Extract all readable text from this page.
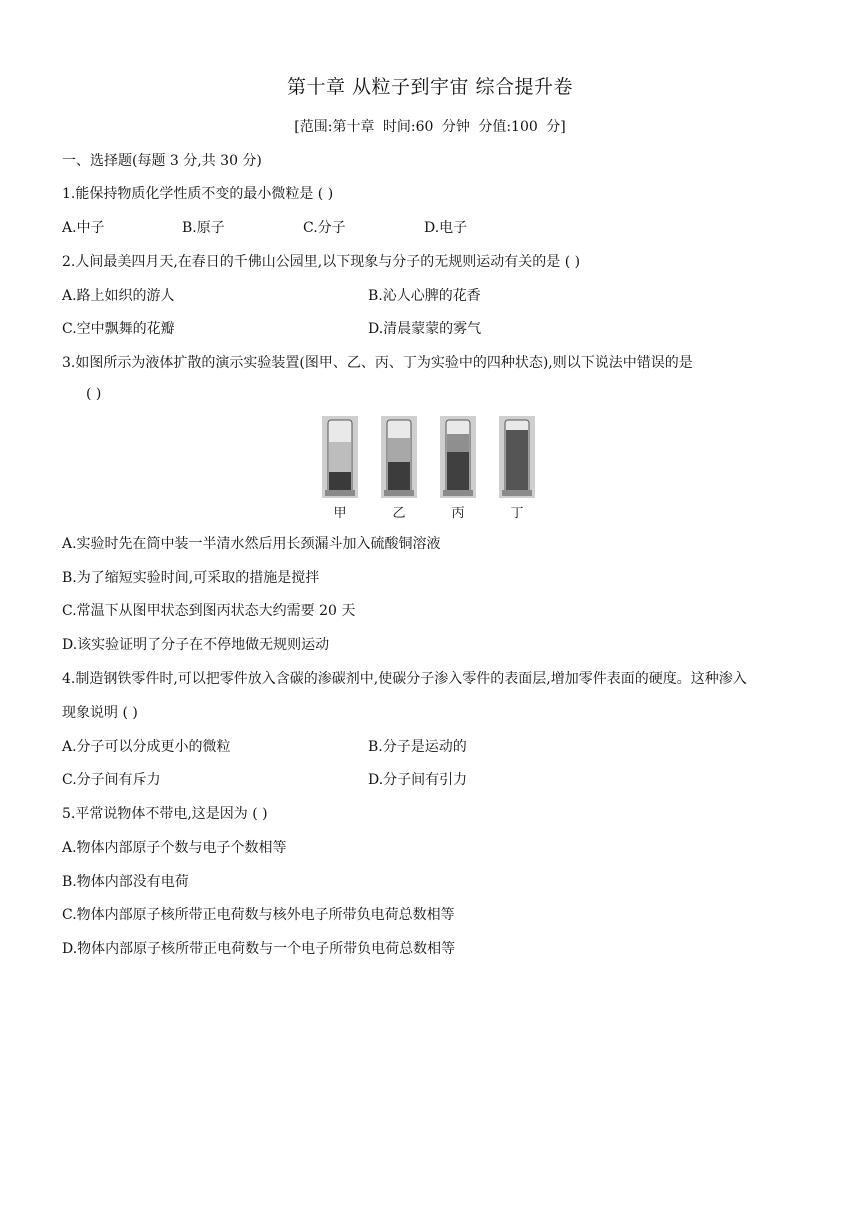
第十章 从粒子到宇宙 综合提升卷
[范围:第十章 时间:60 分钟 分值:100 分]
一、选择题(每题 3 分,共 30 分)
1.能保持物质化学性质不变的最小微粒是 ( )
A.中子	B.原子	C.分子	D.电子
2.人间最美四月天,在春日的千佛山公园里,以下现象与分子的无规则运动有关的是 ( )
A.路上如织的游人	B.沁人心脾的花香
C.空中飘舞的花瓣	D.清晨蒙蒙的雾气
3.如图所示为液体扩散的演示实验装置(图甲、乙、丙、丁为实验中的四种状态),则以下说法中错误的是
( )
甲	乙	丙	丁
A.实验时先在筒中装一半清水然后用长颈漏斗加入硫酸铜溶液
B.为了缩短实验时间,可采取的措施是搅拌
C.常温下从图甲状态到图丙状态大约需要 20 天
D.该实验证明了分子在不停地做无规则运动
4.制造钢铁零件时,可以把零件放入含碳的渗碳剂中,使碳分子渗入零件的表面层,增加零件表面的硬度。这种渗入
现象说明 ( )
A.分子可以分成更小的微粒	B.分子是运动的
C.分子间有斥力	D.分子间有引力
5.平常说物体不带电,这是因为 ( )
A.物体内部原子个数与电子个数相等
B.物体内部没有电荷
C.物体内部原子核所带正电荷数与核外电子所带负电荷总数相等
D.物体内部原子核所带正电荷数与一个电子所带负电荷总数相等
